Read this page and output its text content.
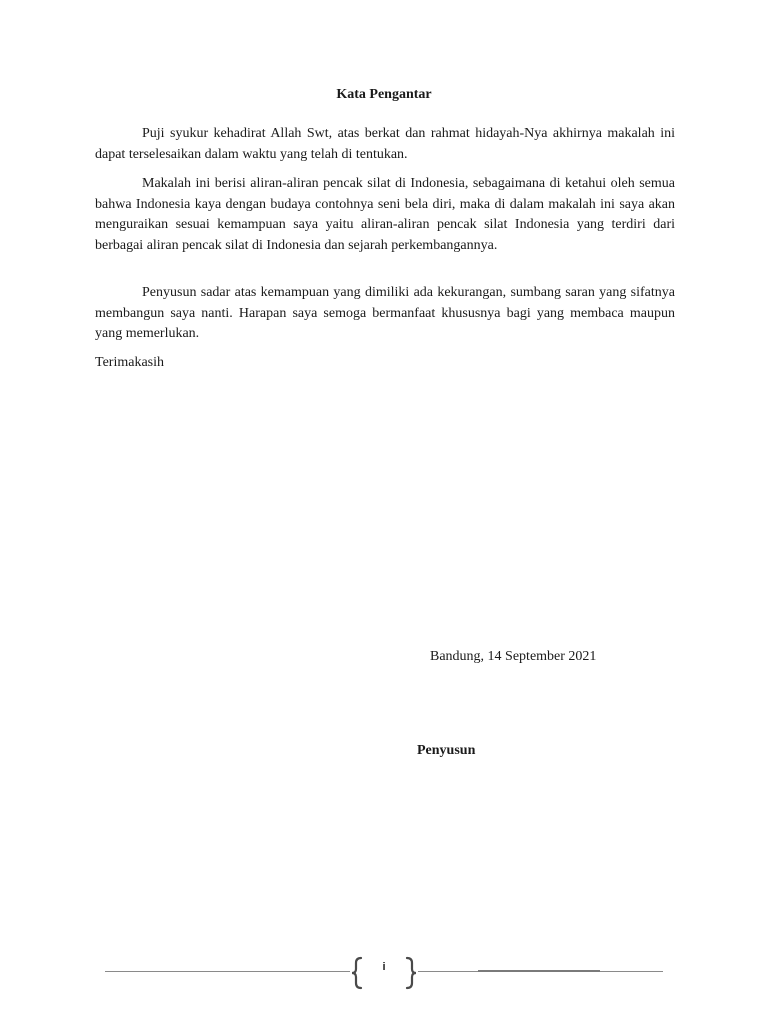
Kata Pengantar

Puji syukur kehadirat Allah Swt, atas berkat dan rahmat hidayah-Nya akhirnya makalah ini dapat terselesaikan dalam waktu yang telah di tentukan.

Makalah ini berisi aliran-aliran pencak silat di Indonesia, sebagaimana di ketahui oleh semua bahwa Indonesia kaya dengan budaya contohnya seni bela diri, maka di dalam makalah ini saya akan menguraikan sesuai kemampuan saya yaitu aliran-aliran pencak silat Indonesia yang terdiri dari berbagai aliran pencak silat di Indonesia dan sejarah perkembangannya.

Penyusun sadar atas kemampuan yang dimiliki ada kekurangan, sumbang saran yang sifatnya membangun saya nanti. Harapan saya semoga bermanfaat khususnya bagi yang membaca maupun yang memerlukan.

Terimakasih

Bandung, 14 September 2021
Penyusun
i
